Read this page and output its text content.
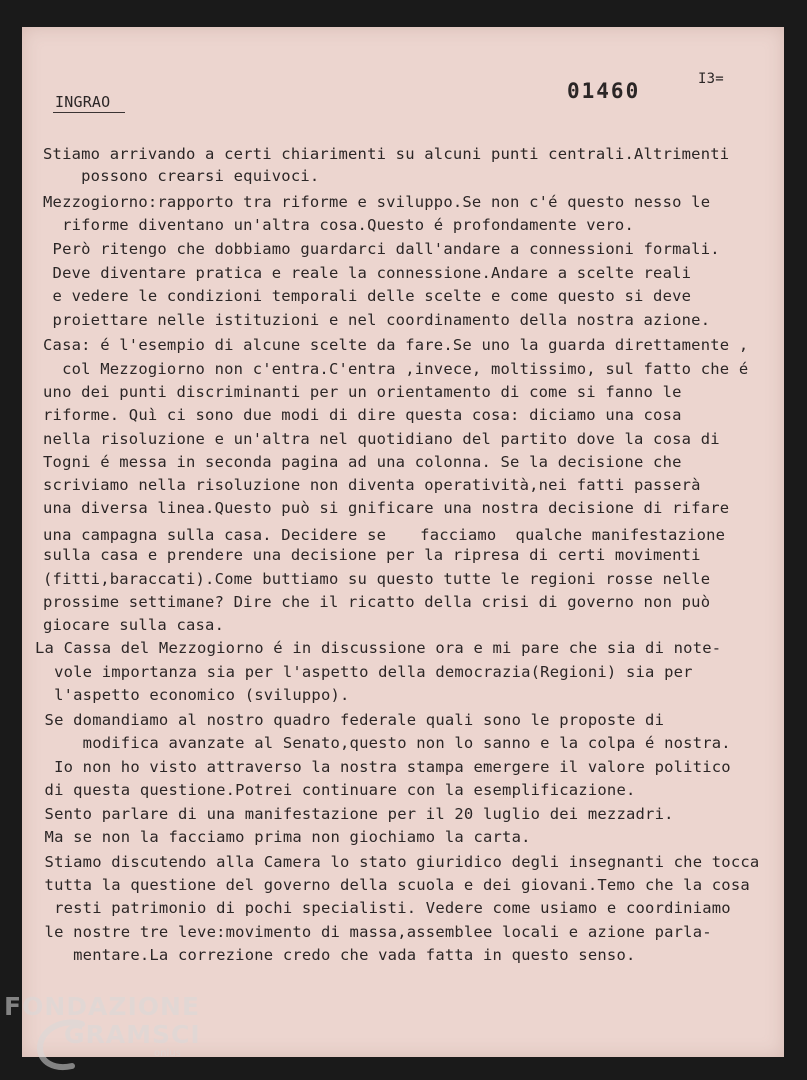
INGRAO	01460	I3=
Stiamo arrivando a certi chiarimenti su alcuni punti centrali.Altrimenti
possono crearsi equivoci.
Mezzogiorno:rapporto tra riforme e sviluppo.Se non c'é questo nesso le
riforme diventano un'altra cosa.Questo é profondamente vero.
Però ritengo che dobbiamo guardarci dall'andare a connessioni formali.
Deve diventare pratica e reale la connessione.Andare a scelte reali
e vedere le condizioni temporali delle scelte e come questo si deve
proiettare nelle istituzioni e nel coordinamento della nostra azione.
Casa: é l'esempio di alcune scelte da fare.Se uno la guarda direttamente ,
col Mezzogiorno non c'entra.C'entra ,invece, moltissimo, sul fatto che é
uno dei punti discriminanti per un orientamento di come si fanno le
riforme. Quì ci sono due modi di dire questa cosa: diciamo una cosa
nella risoluzione e un'altra nel quotidiano del partito dove la cosa di
Togni é messa in seconda pagina ad una colonna. Se la decisione che
scriviamo nella risoluzione non diventa operatività,nei fatti passerà
una diversa linea.Questo può si gnificare una nostra decisione di rifare
una campagna sulla casa. Decidere se ㅤ facciamo  qualche manifestazione
sulla casa e prendere una decisione per la ripresa di certi movimenti
(fitti,baraccati).Come buttiamo su questo tutte le regioni rosse nelle
prossime settimane? Dire che il ricatto della crisi di governo non può
giocare sulla casa.
La Cassa del Mezzogiorno é in discussione ora e mi pare che sia di note-
vole importanza sia per l'aspetto della democrazia(Regioni) sia per
l'aspetto economico (sviluppo).
Se domandiamo al nostro quadro federale quali sono le proposte di
modifica avanzate al Senato,questo non lo sanno e la colpa é nostra.
Io non ho visto attraverso la nostra stampa emergere il valore politico
di questa questione.Potrei continuare con la esemplificazione.
Sento parlare di una manifestazione per il 20 luglio dei mezzadri.
Ma se non la facciamo prima non giochiamo la carta.
Stiamo discutendo alla Camera lo stato giuridico degli insegnanti che tocca
tutta la questione del governo della scuola e dei giovani.Temo che la cosa
resti patrimonio di pochi specialisti. Vedere come usiamo e coordiniamo
le nostre tre leve:movimento di massa,assemblee locali e azione parla-
mentare.La correzione credo che vada fatta in questo senso.
FONDAZIONE
GRAMSCI
onlus
